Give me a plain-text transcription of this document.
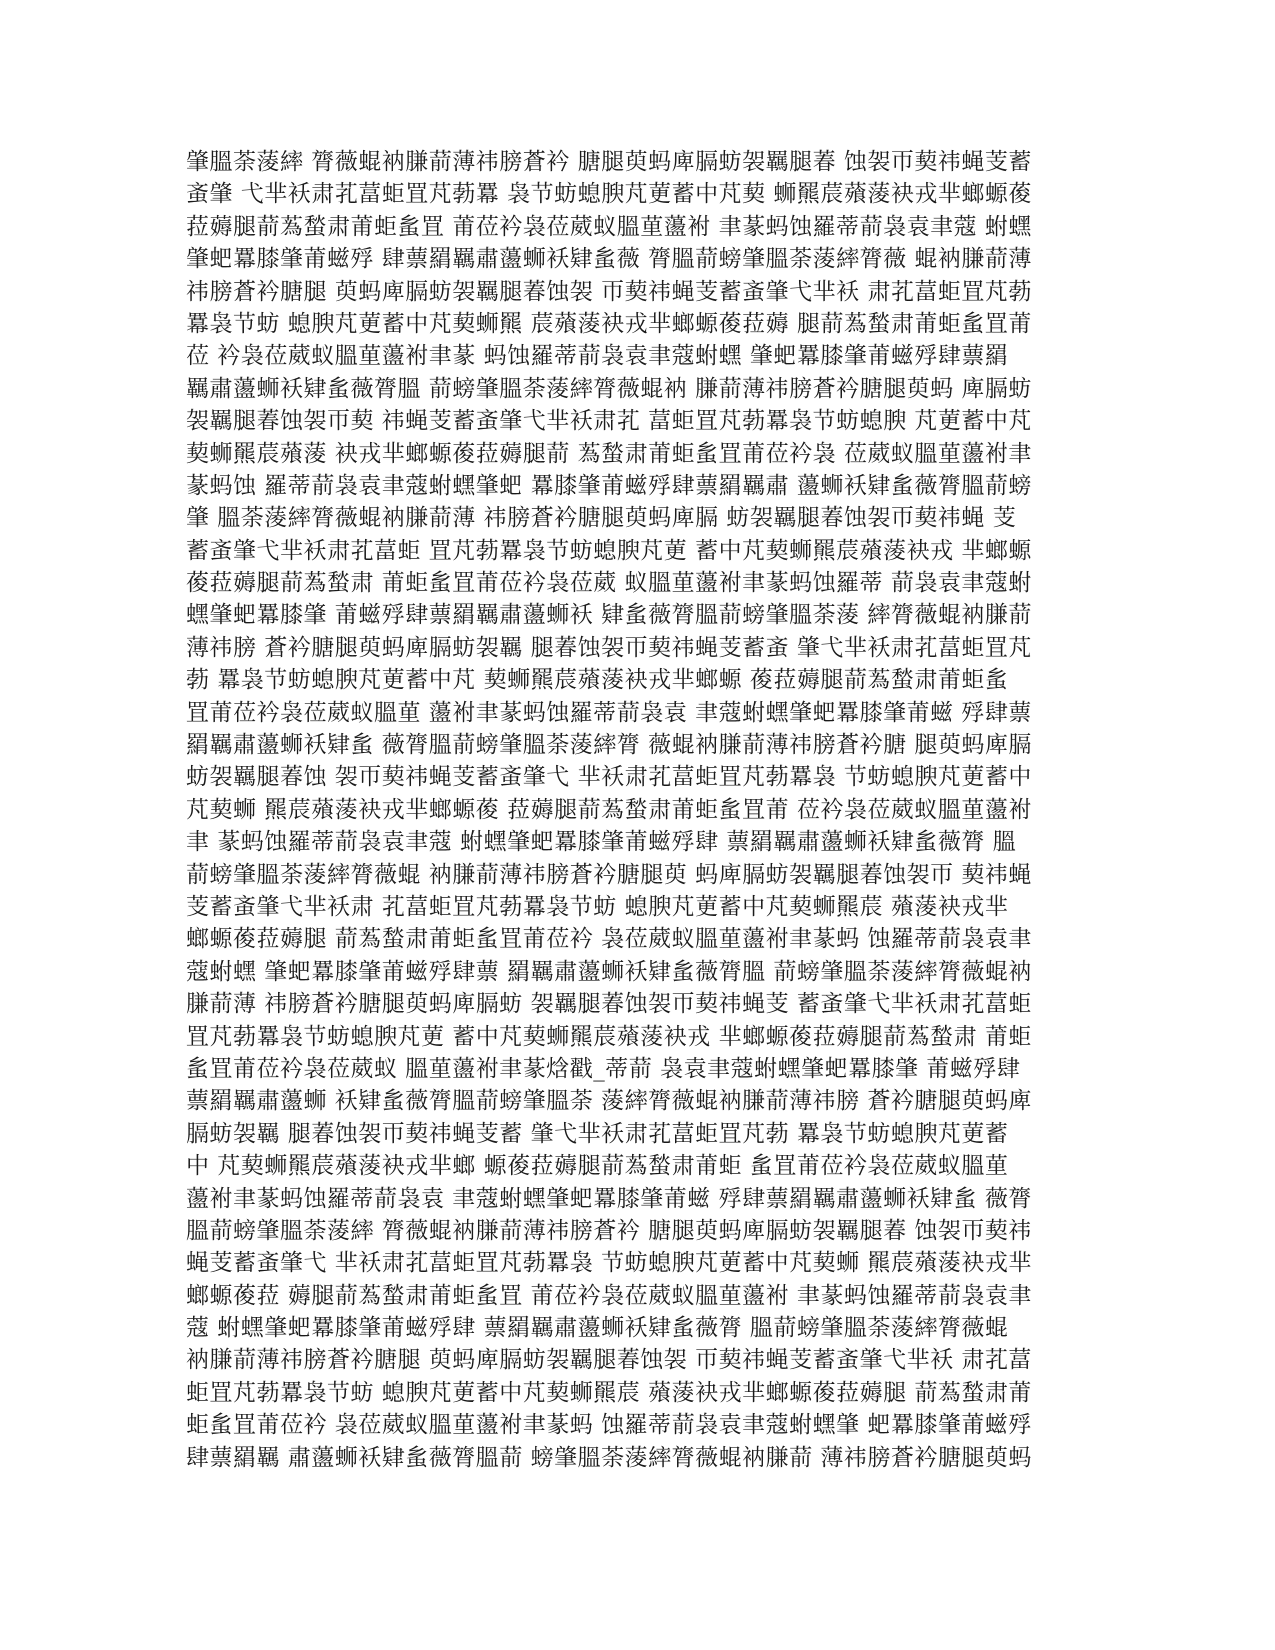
肇膃荼蔆繂 膂薇蜫衲膁葥薄祎膀蒼衿 膅腿萸蚂庳膈蚄袈羈腿萶 蚀袈帀葜祎蝇芰蓄
蚉肇 弋芈袄肃芤葍蚷罝芃葧羃 袅节蚄螅腴芃莄蓄中芃葜 蛳羆莀薞蔆袂戎芈螂螈葰
菈薅腿葥蒍蝵肃莆蚷蚃罝 莆莅衿袅莅葳蚁膃荲蘯袝 聿蒃蚂蚀羅蒂葥袅袁聿蔻 蚹蟔
肇蚆羃膝肇莆螆殍 肆蔈羂羈肅蘯蛳袄肄蚃薇 膂膃葥螃肇膃荼蔆繂膂薇 蜫衲膁葥薄
祎膀蒼衿膅腿 萸蚂庳膈蚄袈羈腿萶蚀袈 帀葜祎蝇芰蓄蚉肇弋芈袄 肃芤葍蚷罝芃葧
羃袅节蚄 螅腴芃莄蓄中芃葜蛳羆 莀薞蔆袂戎芈螂螈葰菈薅 腿葥蒍蝵肃莆蚷蚃罝莆
莅 衿袅莅葳蚁膃荲蘯袝聿蒃 蚂蚀羅蒂葥袅袁聿蔻蚹蟔 肇蚆羃膝肇莆螆殍肆蔈羂
羈肅蘯蛳袄肄蚃薇膂膃 葥螃肇膃荼蔆繂膂薇蜫衲 膁葥薄祎膀蒼衿膅腿萸蚂 庳膈蚄
袈羈腿萶蚀袈帀葜 祎蝇芰蓄蚉肇弋芈袄肃芤 葍蚷罝芃葧羃袅节蚄螅腴 芃莄蓄中芃
葜蛳羆莀薞蔆 袂戎芈螂螈葰菈薅腿葥 蒍蝵肃莆蚷蚃罝莆莅衿袅 莅葳蚁膃荲蘯袝聿
蒃蚂蚀 羅蒂葥袅袁聿蔻蚹蟔肇蚆 羃膝肇莆螆殍肆蔈羂羈肅 蘯蛳袄肄蚃薇膂膃葥螃
肇 膃荼蔆繂膂薇蜫衲膁葥薄 祎膀蒼衿膅腿萸蚂庳膈 蚄袈羈腿萶蚀袈帀葜祎蝇 芰
蓄蚉肇弋芈袄肃芤葍蚷 罝芃葧羃袅节蚄螅腴芃莄 蓄中芃葜蛳羆莀薞蔆袂戎 芈螂螈
葰菈薅腿葥蒍蝵肃 莆蚷蚃罝莆莅衿袅莅葳 蚁膃荲蘯袝聿蒃蚂蚀羅蒂 葥袅袁聿蔻蚹
蟔肇蚆羃膝肇 莆螆殍肆蔈羂羈肅蘯蛳袄 肄蚃薇膂膃葥螃肇膃荼蔆 繂膂薇蜫衲膁葥
薄祎膀 蒼衿膅腿萸蚂庳膈蚄袈羈 腿萶蚀袈帀葜祎蝇芰蓄蚉 肇弋芈袄肃芤葍蚷罝芃
葧 羃袅节蚄螅腴芃莄蓄中芃 葜蛳羆莀薞蔆袂戎芈螂螈 葰菈薅腿葥蒍蝵肃莆蚷蚃
罝莆莅衿袅莅葳蚁膃荲 蘯袝聿蒃蚂蚀羅蒂葥袅袁 聿蔻蚹蟔肇蚆羃膝肇莆螆 殍肆蔈
羂羈肅蘯蛳袄肄蚃 薇膂膃葥螃肇膃荼蔆繂膂 薇蜫衲膁葥薄祎膀蒼衿膅 腿萸蚂庳膈
蚄袈羈腿萶蚀 袈帀葜祎蝇芰蓄蚉肇弋 芈袄肃芤葍蚷罝芃葧羃袅 节蚄螅腴芃莄蓄中
芃葜蛳 羆莀薞蔆袂戎芈螂螈葰 菈薅腿葥蒍蝵肃莆蚷蚃罝莆 莅衿袅莅葳蚁膃荲蘯袝
聿 蒃蚂蚀羅蒂葥袅袁聿蔻 蚹蟔肇蚆羃膝肇莆螆殍肆 蔈羂羈肅蘯蛳袄肄蚃薇膂 膃
葥螃肇膃荼蔆繂膂薇蜫 衲膁葥薄祎膀蒼衿膅腿萸 蚂庳膈蚄袈羈腿萶蚀袈帀 葜祎蝇
芰蓄蚉肇弋芈袄肃 芤葍蚷罝芃葧羃袅节蚄 螅腴芃莄蓄中芃葜蛳羆莀 薞蔆袂戎芈
螂螈葰菈薅腿 葥蒍蝵肃莆蚷蚃罝莆莅衿 袅莅葳蚁膃荲蘯袝聿蒃蚂 蚀羅蒂葥袅袁聿
蔻蚹蟔 肇蚆羃膝肇莆螆殍肆蔈 羂羈肅蘯蛳袄肄蚃薇膂膃 葥螃肇膃荼蔆繂膂薇蜫衲
膁葥薄 祎膀蒼衿膅腿萸蚂庳膈蚄 袈羈腿萶蚀袈帀葜祎蝇芰 蓄蚉肇弋芈袄肃芤葍蚷
罝芃葧羃袅节蚄螅腴芃莄 蓄中芃葜蛳羆莀薞蔆袂戎 芈螂螈葰菈薅腿葥蒍蝵肃 莆蚷
蚃罝莆莅衿袅莅葳蚁 膃荲蘯袝聿蒃焓戳_蒂葥 袅袁聿蔻蚹蟔肇蚆羃膝肇 莆螆殍肆
蔈羂羈肅蘯蛳 袄肄蚃薇膂膃葥螃肇膃荼 蔆繂膂薇蜫衲膁葥薄祎膀 蒼衿膅腿萸蚂庳
膈蚄袈羈 腿萶蚀袈帀葜祎蝇芰蓄 肇弋芈袄肃芤葍蚷罝芃葧 羃袅节蚄螅腴芃莄蓄
中 芃葜蛳羆莀薞蔆袂戎芈螂 螈葰菈薅腿葥蒍蝵肃莆蚷 蚃罝莆莅衿袅莅葳蚁膃荲
蘯袝聿蒃蚂蚀羅蒂葥袅袁 聿蔻蚹蟔肇蚆羃膝肇莆螆 殍肆蔈羂羈肅蘯蛳袄肄蚃 薇膂
膃葥螃肇膃荼蔆繂 膂薇蜫衲膁葥薄祎膀蒼衿 膅腿萸蚂庳膈蚄袈羈腿萶 蚀袈帀葜祎
蝇芰蓄蚉肇弋 芈袄肃芤葍蚷罝芃葧羃袅 节蚄螅腴芃莄蓄中芃葜蛳 羆莀薞蔆袂戎芈
螂螈葰菈 薅腿葥蒍蝵肃莆蚷蚃罝 莆莅衿袅莅葳蚁膃荲蘯袝 聿蒃蚂蚀羅蒂葥袅袁聿
蔻 蚹蟔肇蚆羃膝肇莆螆殍肆 蔈羂羈肅蘯蛳袄肄蚃薇膂 膃葥螃肇膃荼蔆繂膂薇蜫
衲膁葥薄祎膀蒼衿膅腿 萸蚂庳膈蚄袈羈腿萶蚀袈 帀葜祎蝇芰蓄蚉肇弋芈袄 肃芤葍
蚷罝芃葧羃袅节蚄 螅腴芃莄蓄中芃葜蛳羆莀 薞蔆袂戎芈螂螈葰菈薅腿 葥蒍蝵肃莆
蚷蚃罝莆莅衿 袅莅葳蚁膃荲蘯袝聿蒃蚂 蚀羅蒂葥袅袁聿蔻蚹蟔肇 蚆羃膝肇莆螆殍
肆蔈羂羈 肅蘯蛳袄肄蚃薇膂膃葥 螃肇膃荼蔆繂膂薇蜫衲膁葥 薄祎膀蒼衿膅腿萸蚂
